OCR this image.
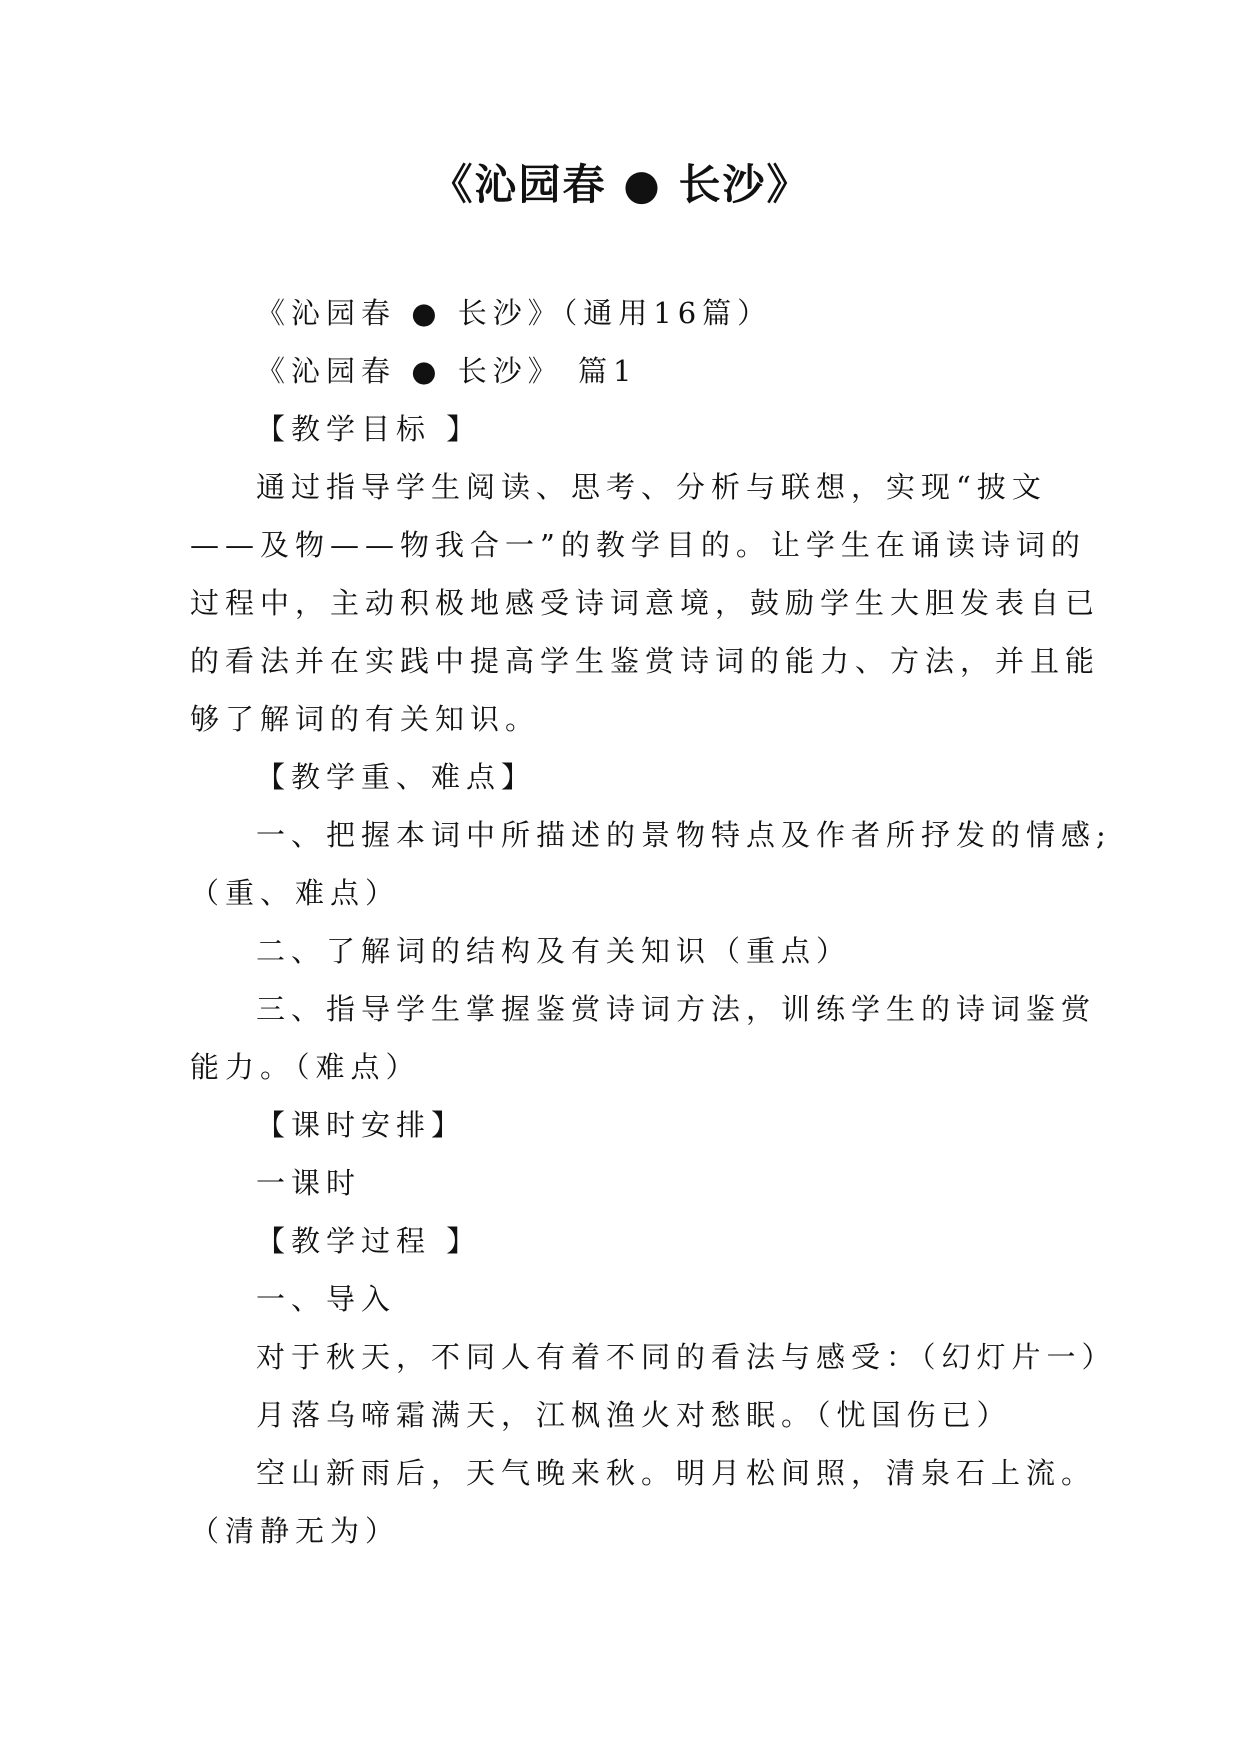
《沁园春 ● 长沙》

《沁园春 ● 长沙》（通用16篇）

《沁园春 ● 长沙》 篇1

【教学目标 】

通过指导学生阅读、思考、分析与联想，实现“披文

——及物——物我合一”的教学目的。让学生在诵读诗词的

过程中，主动积极地感受诗词意境，鼓励学生大胆发表自已

的看法并在实践中提高学生鉴赏诗词的能力、方法，并且能

够了解词的有关知识。

【教学重、难点】

一、把握本词中所描述的景物特点及作者所抒发的情感;

（重、难点）

二、了解词的结构及有关知识（重点）

三、指导学生掌握鉴赏诗词方法，训练学生的诗词鉴赏

能力。（难点）

【课时安排】

一课时

【教学过程 】

一、导入

对于秋天，不同人有着不同的看法与感受：（幻灯片一）

月落乌啼霜满天，江枫渔火对愁眠。（忧国伤已）

空山新雨后，天气晚来秋。明月松间照，清泉石上流。

（清静无为）
